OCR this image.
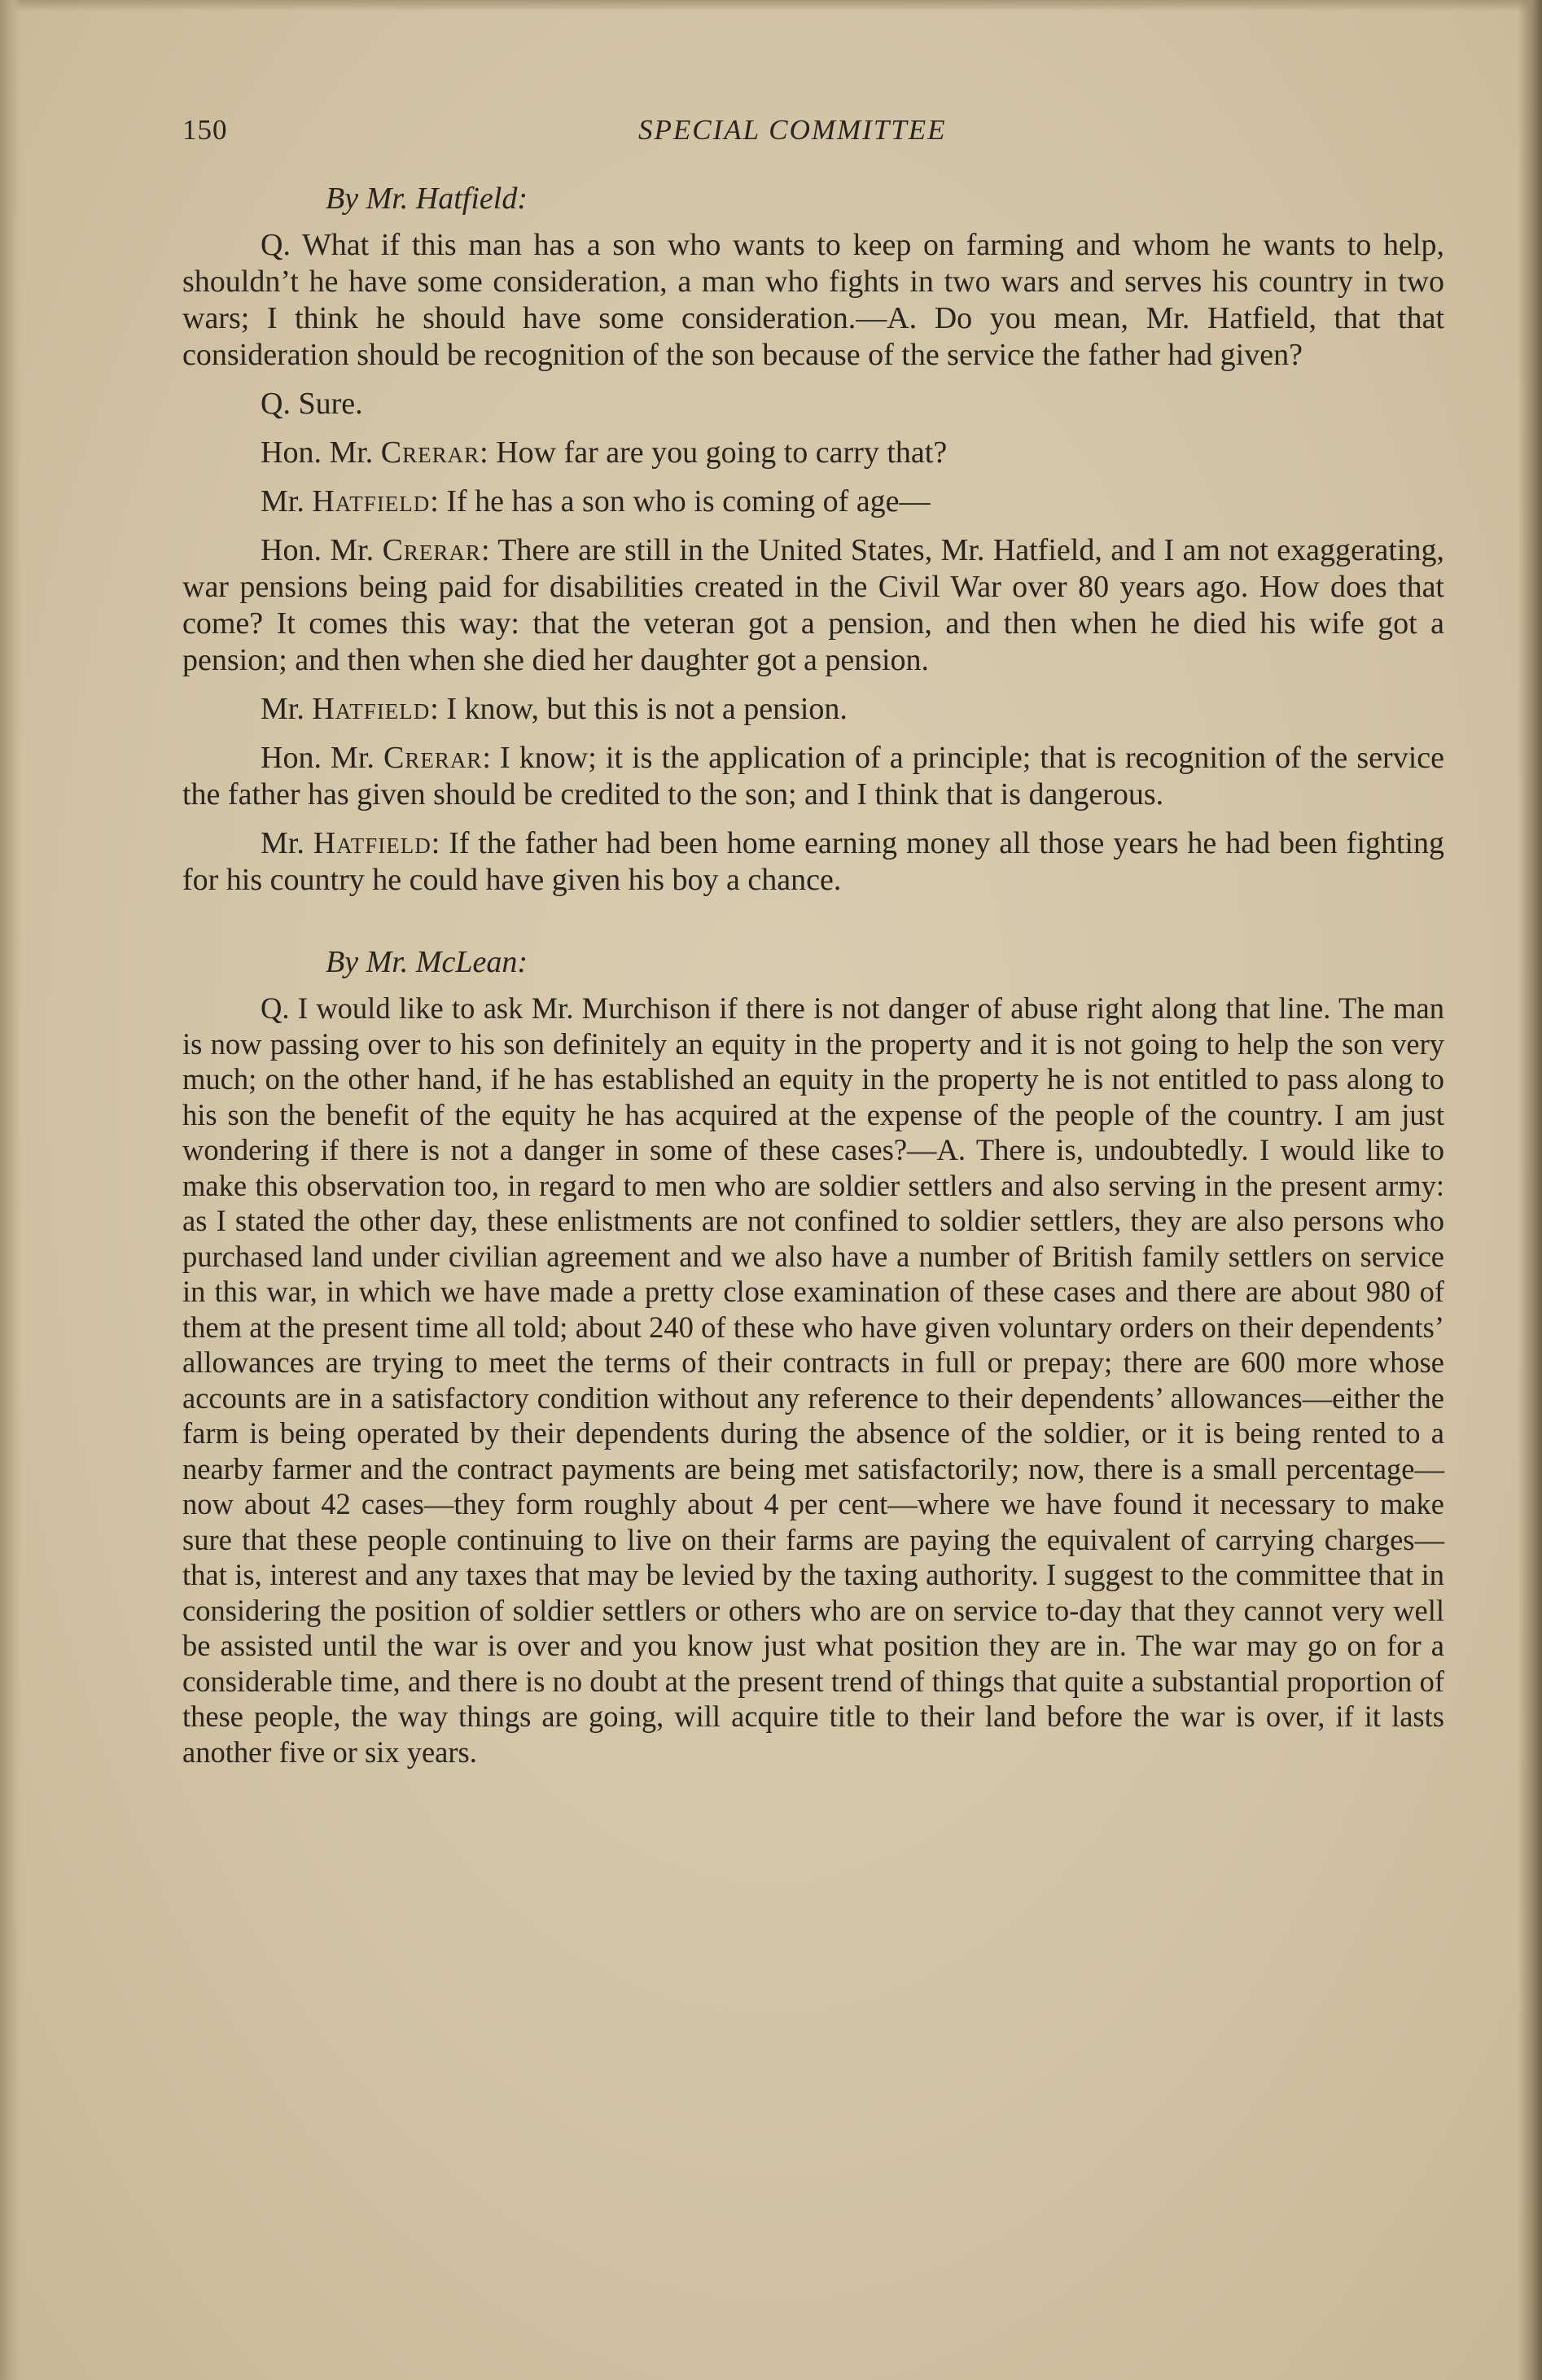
150	SPECIAL COMMITTEE

By Mr. Hatfield:

Q. What if this man has a son who wants to keep on farming and whom he wants to help, shouldn’t he have some consideration, a man who fights in two wars and serves his country in two wars; I think he should have some consideration.—A. Do you mean, Mr. Hatfield, that that consideration should be recognition of the son because of the service the father had given?

Q. Sure.

Hon. Mr. Crerar: How far are you going to carry that?

Mr. Hatfield: If he has a son who is coming of age—

Hon. Mr. Crerar: There are still in the United States, Mr. Hatfield, and I am not exaggerating, war pensions being paid for disabilities created in the Civil War over 80 years ago. How does that come? It comes this way: that the veteran got a pension, and then when he died his wife got a pension; and then when she died her daughter got a pension.

Mr. Hatfield: I know, but this is not a pension.

Hon. Mr. Crerar: I know; it is the application of a principle; that is recognition of the service the father has given should be credited to the son; and I think that is dangerous.

Mr. Hatfield: If the father had been home earning money all those years he had been fighting for his country he could have given his boy a chance.

By Mr. McLean:

Q. I would like to ask Mr. Murchison if there is not danger of abuse right along that line. The man is now passing over to his son definitely an equity in the property and it is not going to help the son very much; on the other hand, if he has established an equity in the property he is not entitled to pass along to his son the benefit of the equity he has acquired at the expense of the people of the country. I am just wondering if there is not a danger in some of these cases?—A. There is, undoubtedly. I would like to make this observation too, in regard to men who are soldier settlers and also serving in the present army: as I stated the other day, these enlistments are not confined to soldier settlers, they are also persons who purchased land under civilian agreement and we also have a number of British family settlers on service in this war, in which we have made a pretty close examination of these cases and there are about 980 of them at the present time all told; about 240 of these who have given voluntary orders on their dependents’ allowances are trying to meet the terms of their contracts in full or prepay; there are 600 more whose accounts are in a satisfactory condition without any reference to their dependents’ allowances—either the farm is being operated by their dependents during the absence of the soldier, or it is being rented to a nearby farmer and the contract payments are being met satisfactorily; now, there is a small percentage—now about 42 cases—they form roughly about 4 per cent—where we have found it necessary to make sure that these people continuing to live on their farms are paying the equivalent of carrying charges—that is, interest and any taxes that may be levied by the taxing authority. I suggest to the committee that in considering the position of soldier settlers or others who are on service to-day that they cannot very well be assisted until the war is over and you know just what position they are in. The war may go on for a considerable time, and there is no doubt at the present trend of things that quite a substantial proportion of these people, the way things are going, will acquire title to their land before the war is over, if it lasts another five or six years.
